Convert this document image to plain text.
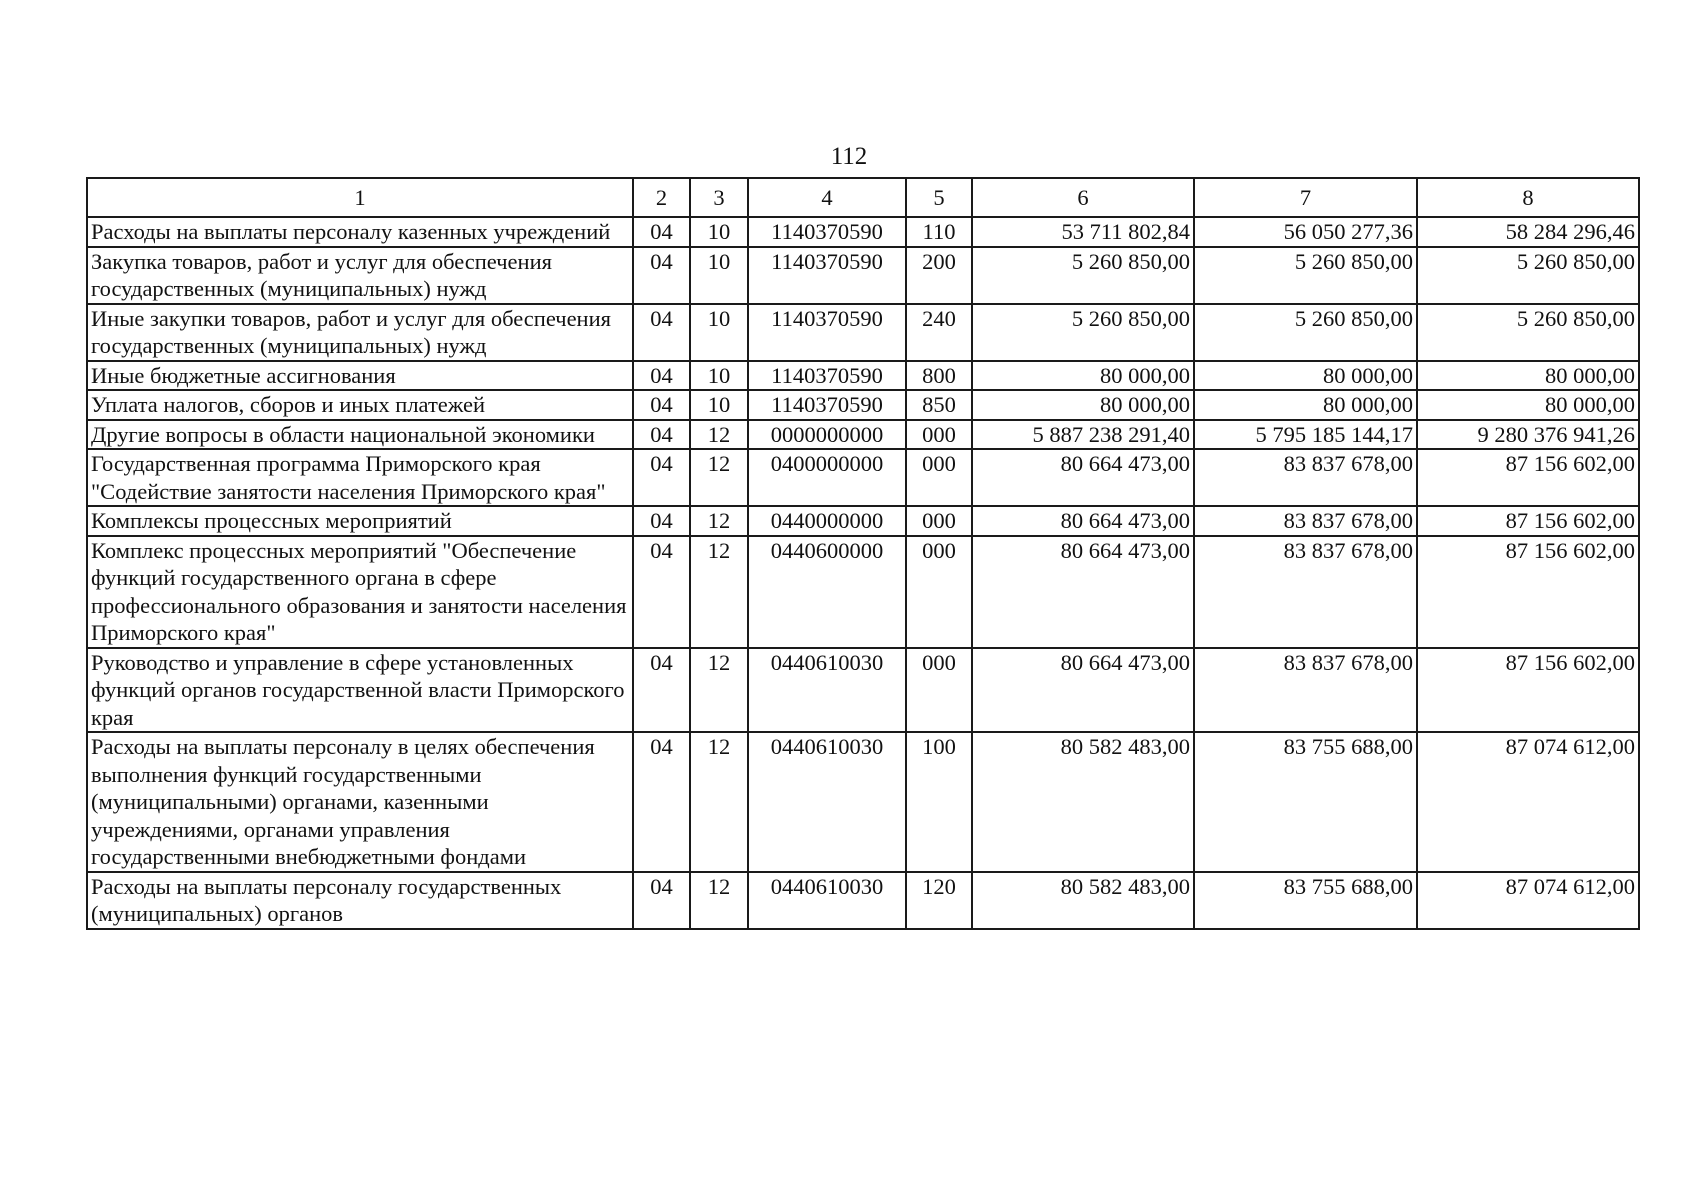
112
1	2	3	4	5	6	7	8
Расходы на выплаты персоналу казенных учреждений	04	10	1140370590	110	53 711 802,84	56 050 277,36	58 284 296,46
Закупка товаров, работ и услуг для обеспечения государственных (муниципальных) нужд	04	10	1140370590	200	5 260 850,00	5 260 850,00	5 260 850,00
Иные закупки товаров, работ и услуг для обеспечения государственных (муниципальных) нужд	04	10	1140370590	240	5 260 850,00	5 260 850,00	5 260 850,00
Иные бюджетные ассигнования	04	10	1140370590	800	80 000,00	80 000,00	80 000,00
Уплата налогов, сборов и иных платежей	04	10	1140370590	850	80 000,00	80 000,00	80 000,00
Другие вопросы в области национальной экономики	04	12	0000000000	000	5 887 238 291,40	5 795 185 144,17	9 280 376 941,26
Государственная программа Приморского края "Содействие занятости населения Приморского края"	04	12	0400000000	000	80 664 473,00	83 837 678,00	87 156 602,00
Комплексы процессных мероприятий	04	12	0440000000	000	80 664 473,00	83 837 678,00	87 156 602,00
Комплекс процессных мероприятий "Обеспечение функций государственного органа в сфере профессионального образования и занятости населения Приморского края"	04	12	0440600000	000	80 664 473,00	83 837 678,00	87 156 602,00
Руководство и управление в сфере установленных функций органов государственной власти Приморского края	04	12	0440610030	000	80 664 473,00	83 837 678,00	87 156 602,00
Расходы на выплаты персоналу в целях обеспечения выполнения функций государственными (муниципальными) органами, казенными учреждениями, органами управления государственными внебюджетными фондами	04	12	0440610030	100	80 582 483,00	83 755 688,00	87 074 612,00
Расходы на выплаты персоналу государственных (муниципальных) органов	04	12	0440610030	120	80 582 483,00	83 755 688,00	87 074 612,00
